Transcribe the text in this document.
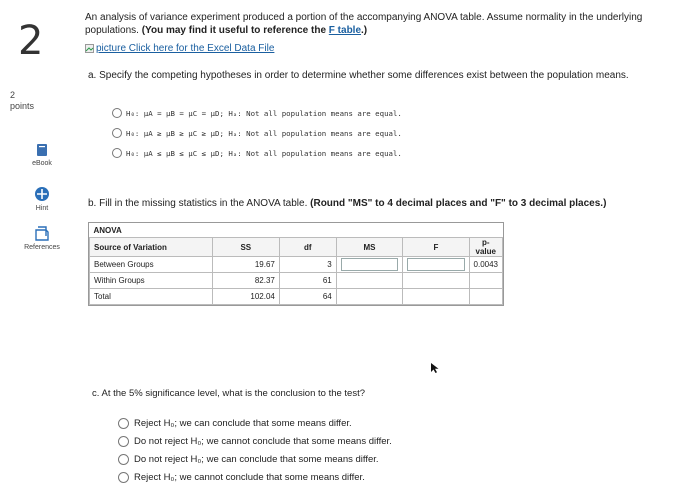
2
2
points
eBook
Hint
References
An analysis of variance experiment produced a portion of the accompanying ANOVA table. Assume normality in the underlying populations. (You may find it useful to reference the F table.)
picture Click here for the Excel Data File
a. Specify the competing hypotheses in order to determine whether some differences exist between the population means.
H₀: μA = μB = μC = μD; Hₐ: Not all population means are equal.
H₀: μA ≥ μB ≥ μC ≥ μD; Hₐ: Not all population means are equal.
H₀: μA ≤ μB ≤ μC ≤ μD; Hₐ: Not all population means are equal.
b. Fill in the missing statistics in the ANOVA table. (Round "MS" to 4 decimal places and "F" to 3 decimal places.)
ANOVA					
Source of Variation	SS	df	MS	F	p-value
Between Groups	19.67	3			0.0043
Within Groups	82.37	61			
Total	102.04	64			
c. At the 5% significance level, what is the conclusion to the test?
Reject H₀; we can conclude that some means differ.
Do not reject H₀; we cannot conclude that some means differ.
Do not reject H₀; we can conclude that some means differ.
Reject H₀; we cannot conclude that some means differ.
